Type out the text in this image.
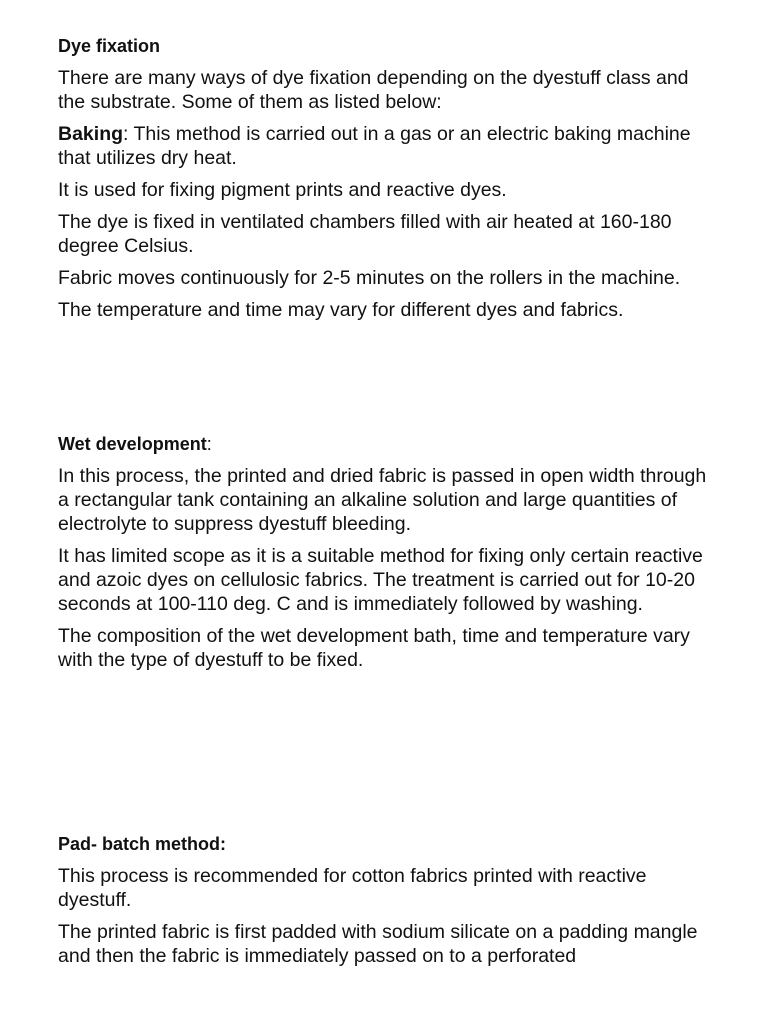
Dye fixation

There are many ways of dye fixation depending on the dyestuff class and the substrate. Some of them as listed below:

Baking: This method is carried out in a gas or an electric baking machine that utilizes dry heat.

It is used for fixing pigment prints and reactive dyes.

The dye is fixed in ventilated chambers filled with air heated at 160-180 degree Celsius.

Fabric moves continuously for 2-5 minutes on the rollers in the machine.

The temperature and time may vary for different dyes and fabrics.

Wet development:

In this process, the printed and dried fabric is passed in open width through a rectangular tank containing an alkaline solution and large quantities of electrolyte to suppress dyestuff bleeding.

It has limited scope as it is a suitable method for fixing only certain reactive and azoic dyes on cellulosic fabrics. The treatment is carried out for 10-20 seconds at 100-110 deg. C and is immediately followed by washing.

The composition of the wet development bath, time and temperature vary with the type of dyestuff to be fixed.

Pad- batch method:

This process is recommended for cotton fabrics printed with reactive dyestuff.

The printed fabric is first padded with sodium silicate on a padding mangle and then the fabric is immediately passed on to a perforated
